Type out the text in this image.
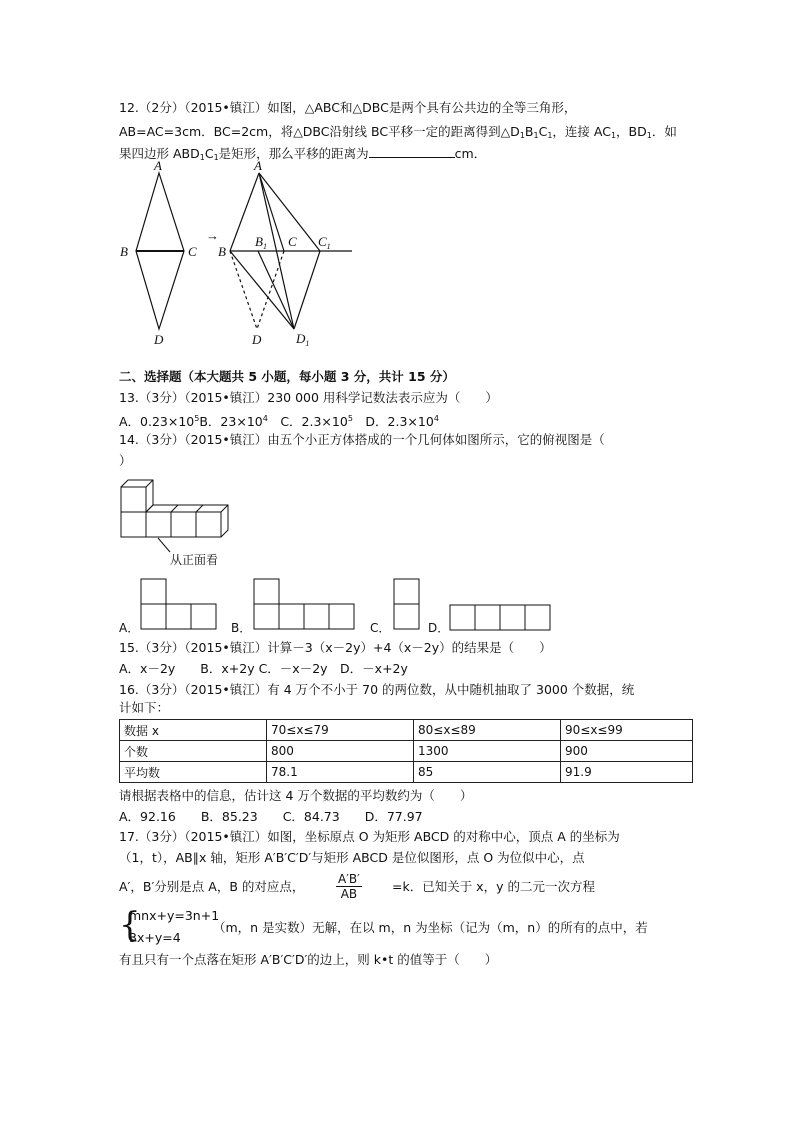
12.（2分）（2015•镇江）如图，△ABC和△DBC是两个具有公共边的全等三角形，
AB=AC=3cm．BC=2cm，将△DBC沿射线 BC平移一定的距离得到$\triangle D_1B_1C_1$，连接 $AC_1$，$BD_1$．如
果四边形 $ABD_1C_1$是矩形，那么平移的距离为	cm．
A
B	C
D
→
A
B
$B_1$ C $C_1$
D	$D_1$
二、选择题（本大题共 5 小题，每小题 3 分，共计 15 分）
13.（3分）（2015•镇江）230 000 用科学记数法表示应为（　　）
A．$0.23\times 10^5B$．$23\times 10^4$　C．$2.3\times 10^5$　D．$2.3\times 10^4$
14.（3分）（2015•镇江）由五个小正方体搭成的一个几何体如图所示，它的俯视图是（
）
从正面看
A．	B．	C．	D．
15.（3分）（2015•镇江）计算－3（x－2y）+4（x－2y）的结果是（　　）
A．x－2y　　B．x+2y C．－x－2y　D．－x+2y
16.（3分）（2015•镇江）有 4 万个不小于 70 的两位数，从中随机抽取了 3000 个数据，统
计如下：
数据 x	70≤x≤79	80≤x≤89	90≤x≤99
个数	800	1300	900
平均数	78.1	85	91.9
请根据表格中的信息，估计这 4 万个数据的平均数约为（　　）
A．92.16　　B．85.23　　C．84.73　　D．77.97
17.（3分）（2015•镇江）如图，坐标原点 O 为矩形 ABCD 的对称中心，顶点 A 的坐标为
（1，t），AB∥x 轴，矩形 A′B′C′D′与矩形 ABCD 是位似图形，点 O 为位似中心，点
A′，B′分别是点 A，B 的对应点，	$\frac{A'B'}{AB} =k$．已知关于 x，y 的二元一次方程
{
mnx+y=3n+1
3x+y=4
（m，n 是实数）无解，在以 m，n 为坐标（记为（m，n）的所有的点中，若
有且只有一个点落在矩形 A′B′C′D′的边上，则 k•t 的值等于（　　）
